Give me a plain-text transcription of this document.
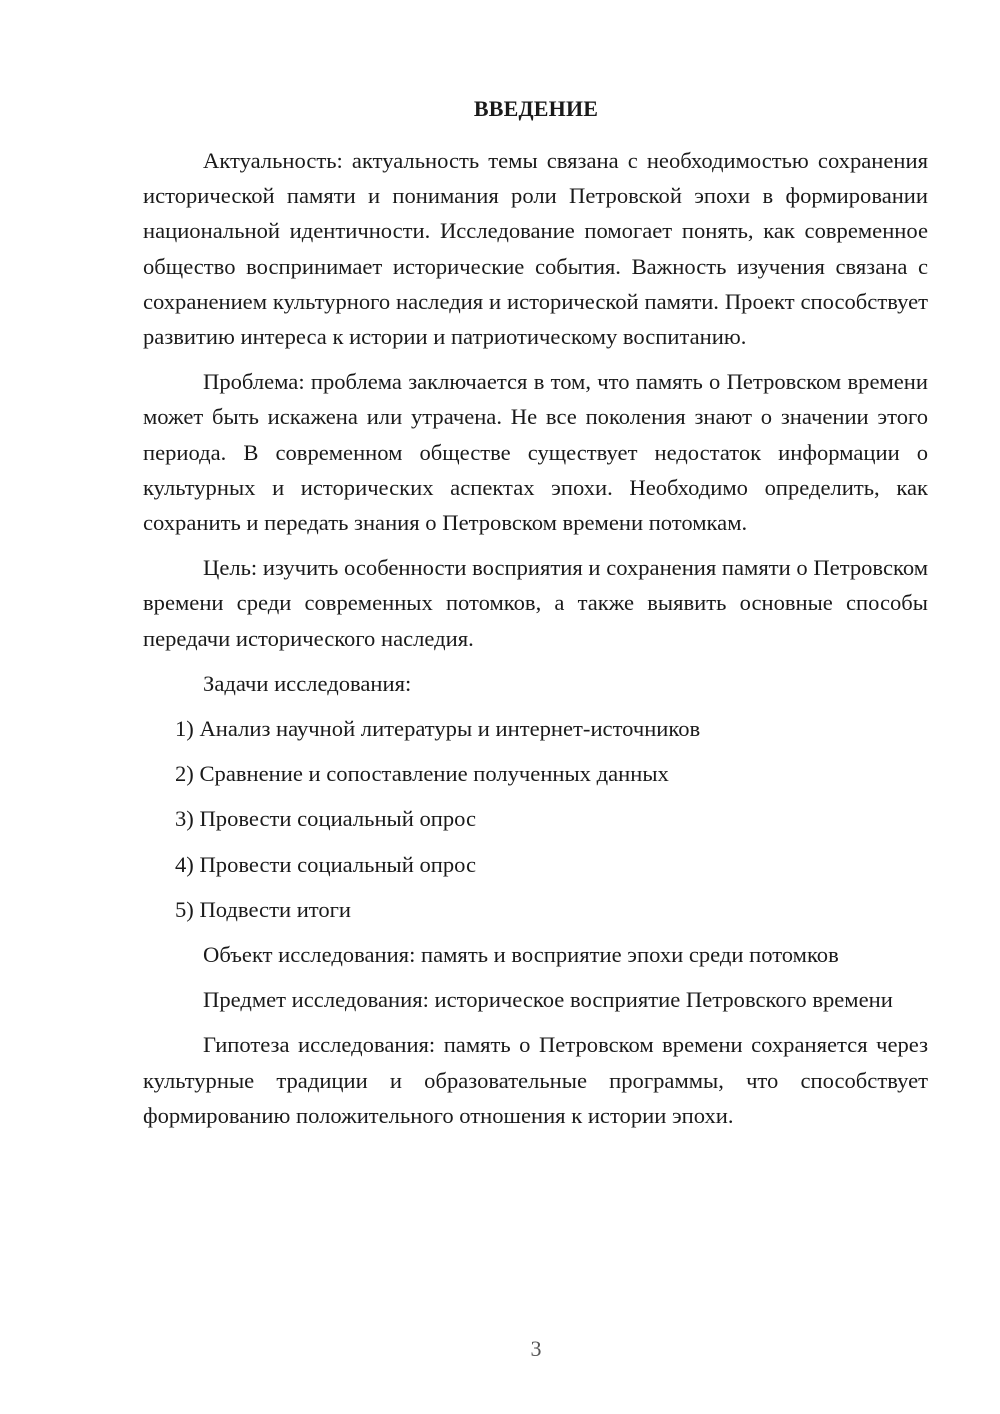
ВВЕДЕНИЕ

Актуальность: актуальность темы связана с необходимостью сохранения исторической памяти и понимания роли Петровской эпохи в формировании национальной идентичности. Исследование помогает понять, как современное общество воспринимает исторические события. Важность изучения связана с сохранением культурного наследия и исторической памяти. Проект способствует развитию интереса к истории и патриотическому воспитанию.

Проблема: проблема заключается в том, что память о Петровском времени может быть искажена или утрачена. Не все поколения знают о значении этого периода. В современном обществе существует недостаток информации о культурных и исторических аспектах эпохи. Необходимо определить, как сохранить и передать знания о Петровском времени потомкам.

Цель: изучить особенности восприятия и сохранения памяти о Петровском времени среди современных потомков, а также выявить основные способы передачи исторического наследия.

Задачи исследования:

1) Анализ научной литературы и интернет-источников
2) Сравнение и сопоставление полученных данных
3) Провести социальный опрос
4) Провести социальный опрос
5) Подвести итоги

Объект исследования: память и восприятие эпохи среди потомков

Предмет исследования: историческое восприятие Петровского времени

Гипотеза исследования: память о Петровском времени сохраняется через культурные традиции и образовательные программы, что способствует формированию положительного отношения к истории эпохи.

3
